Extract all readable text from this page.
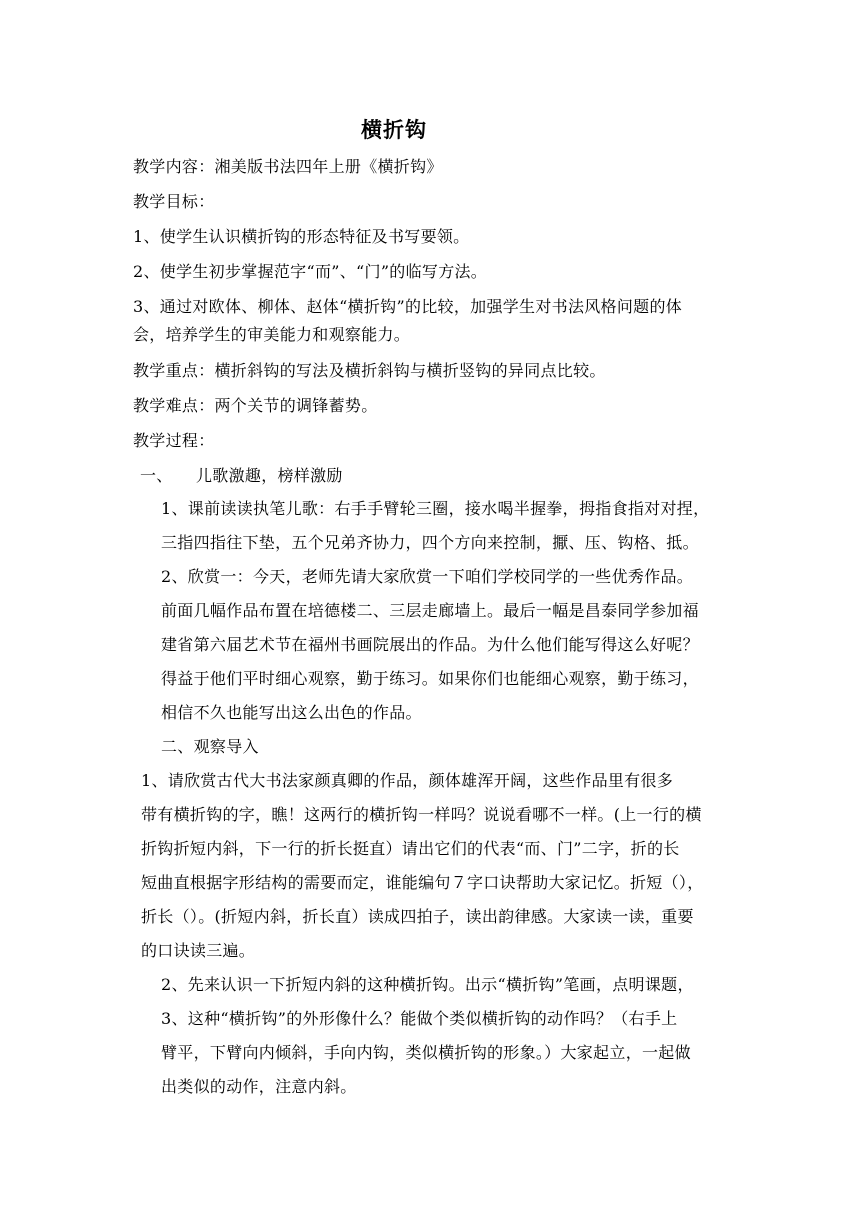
横折钩
教学内容：湘美版书法四年上册《横折钩》
教学目标：
1、使学生认识横折钩的形态特征及书写要领。
2、使学生初步掌握范字“而”、“门”的临写方法。
3、通过对欧体、柳体、赵体“横折钩”的比较，加强学生对书法风格问题的体
会，培养学生的审美能力和观察能力。
教学重点：横折斜钩的写法及横折斜钩与横折竖钩的异同点比较。
教学难点：两个关节的调锋蓄势。
教学过程：
一、 儿歌激趣，榜样激励
1、课前读读执笔儿歌：右手手臂轮三圈，接水喝半握拳，拇指食指对对捏，
三指四指往下垫，五个兄弟齐协力，四个方向来控制，擫、压、钩格、抵。
2、欣赏一：今天，老师先请大家欣赏一下咱们学校同学的一些优秀作品。
前面几幅作品布置在培德楼二、三层走廊墙上。最后一幅是昌泰同学参加福
建省第六届艺术节在福州书画院展出的作品。为什么他们能写得这么好呢？
得益于他们平时细心观察，勤于练习。如果你们也能细心观察，勤于练习，
相信不久也能写出这么出色的作品。
二、观察导入
1、请欣赏古代大书法家颜真卿的作品，颜体雄浑开阔，这些作品里有很多
带有横折钩的字，瞧！这两行的横折钩一样吗？说说看哪不一样。(上一行的横
折钩折短内斜，下一行的折长挺直）请出它们的代表“而、门”二字，折的长
短曲直根据字形结构的需要而定，谁能编句７字口诀帮助大家记忆。折短（），
折长（）。(折短内斜，折长直）读成四拍子，读出韵律感。大家读一读，重要
的口诀读三遍。
2、先来认识一下折短内斜的这种横折钩。出示“横折钩”笔画，点明课题，
3、这种“横折钩”的外形像什么？能做个类似横折钩的动作吗？（右手上
臂平，下臂向内倾斜，手向内钩，类似横折钩的形象。）大家起立，一起做
出类似的动作，注意内斜。
